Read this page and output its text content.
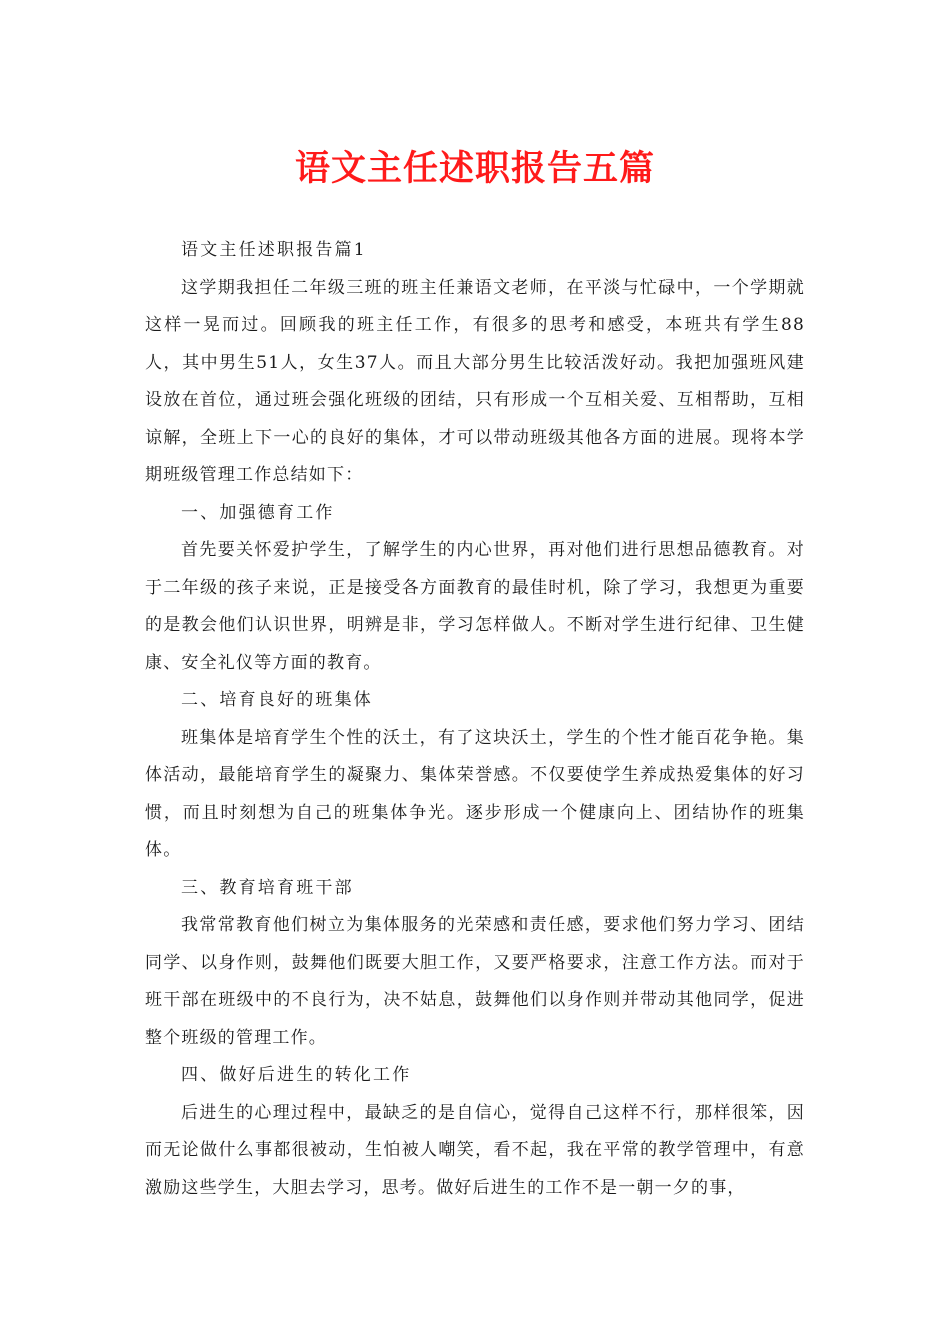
语文主任述职报告五篇

语文主任述职报告篇1

这学期我担任二年级三班的班主任兼语文老师，在平淡与忙碌中，一个学期就这样一晃而过。回顾我的班主任工作，有很多的思考和感受，本班共有学生88人，其中男生51人，女生37人。而且大部分男生比较活泼好动。我把加强班风建设放在首位，通过班会强化班级的团结，只有形成一个互相关爱、互相帮助，互相谅解，全班上下一心的良好的集体，才可以带动班级其他各方面的进展。现将本学期班级管理工作总结如下：

一、加强德育工作

首先要关怀爱护学生，了解学生的内心世界，再对他们进行思想品德教育。对于二年级的孩子来说，正是接受各方面教育的最佳时机，除了学习，我想更为重要的是教会他们认识世界，明辨是非，学习怎样做人。不断对学生进行纪律、卫生健康、安全礼仪等方面的教育。

二、培育良好的班集体

班集体是培育学生个性的沃土，有了这块沃土，学生的个性才能百花争艳。集体活动，最能培育学生的凝聚力、集体荣誉感。不仅要使学生养成热爱集体的好习惯，而且时刻想为自己的班集体争光。逐步形成一个健康向上、团结协作的班集体。

三、教育培育班干部

我常常教育他们树立为集体服务的光荣感和责任感，要求他们努力学习、团结同学、以身作则，鼓舞他们既要大胆工作，又要严格要求，注意工作方法。而对于班干部在班级中的不良行为，决不姑息，鼓舞他们以身作则并带动其他同学，促进整个班级的管理工作。

四、做好后进生的转化工作

后进生的心理过程中，最缺乏的是自信心，觉得自己这样不行，那样很笨，因而无论做什么事都很被动，生怕被人嘲笑，看不起，我在平常的教学管理中，有意激励这些学生，大胆去学习，思考。做好后进生的工作不是一朝一夕的事，
